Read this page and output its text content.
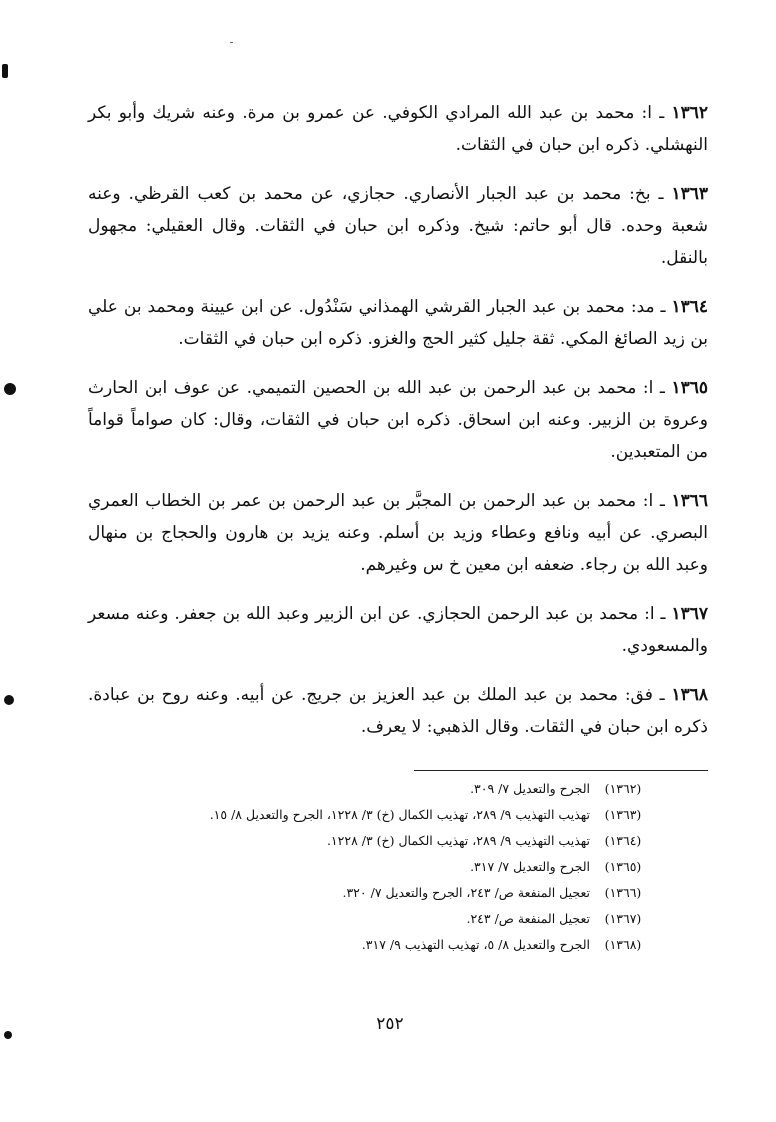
١٣٦٢ ـ ا: محمد بن عبد الله المرادي الكوفي. عن عمرو بن مرة. وعنه شريك وأبو بكر النهشلي. ذكره ابن حبان في الثقات.

١٣٦٣ ـ بخ: محمد بن عبد الجبار الأنصاري. حجازي، عن محمد بن كعب القرظي. وعنه شعبة وحده. قال أبو حاتم: شيخ. وذكره ابن حبان في الثقات. وقال العقيلي: مجهول بالنقل.

١٣٦٤ ـ مد: محمد بن عبد الجبار القرشي الهمذاني سَنْدُول. عن ابن عيينة ومحمد بن علي بن زيد الصائغ المكي. ثقة جليل كثير الحج والغزو. ذكره ابن حبان في الثقات.

١٣٦٥ ـ ا: محمد بن عبد الرحمن بن عبد الله بن الحصين التميمي. عن عوف ابن الحارث وعروة بن الزبير. وعنه ابن اسحاق. ذكره ابن حبان في الثقات، وقال: كان صواماً قواماً من المتعبدين.

١٣٦٦ ـ ا: محمد بن عبد الرحمن بن المجبَّر بن عبد الرحمن بن عمر بن الخطاب العمري البصري. عن أبيه ونافع وعطاء وزيد بن أسلم. وعنه يزيد بن هارون والحجاج بن منهال وعبد الله بن رجاء. ضعفه ابن معين خ س وغيرهم.

١٣٦٧ ـ ا: محمد بن عبد الرحمن الحجازي. عن ابن الزبير وعبد الله بن جعفر. وعنه مسعر والمسعودي.

١٣٦٨ ـ فق: محمد بن عبد الملك بن عبد العزيز بن جريج. عن أبيه. وعنه روح بن عبادة. ذكره ابن حبان في الثقات. وقال الذهبي: لا يعرف.

(١٣٦٢)
الجرح والتعديل ٧/ ٣٠٩.
(١٣٦٣)
تهذيب التهذيب ٩/ ٢٨٩، تهذيب الكمال (خ) ٣/ ١٢٢٨، الجرح والتعديل ٨/ ١٥.
(١٣٦٤)
تهذيب التهذيب ٩/ ٢٨٩، تهذيب الكمال (خ) ٣/ ١٢٢٨.
(١٣٦٥)
الجرح والتعديل ٧/ ٣١٧.
(١٣٦٦)
تعجيل المنفعة ص/ ٢٤٣، الجرح والتعديل ٧/ ٣٢٠.
(١٣٦٧)
تعجيل المنفعة ص/ ٢٤٣.
(١٣٦٨)
الجرح والتعديل ٨/ ٥، تهذيب التهذيب ٩/ ٣١٧.
٢٥٢
